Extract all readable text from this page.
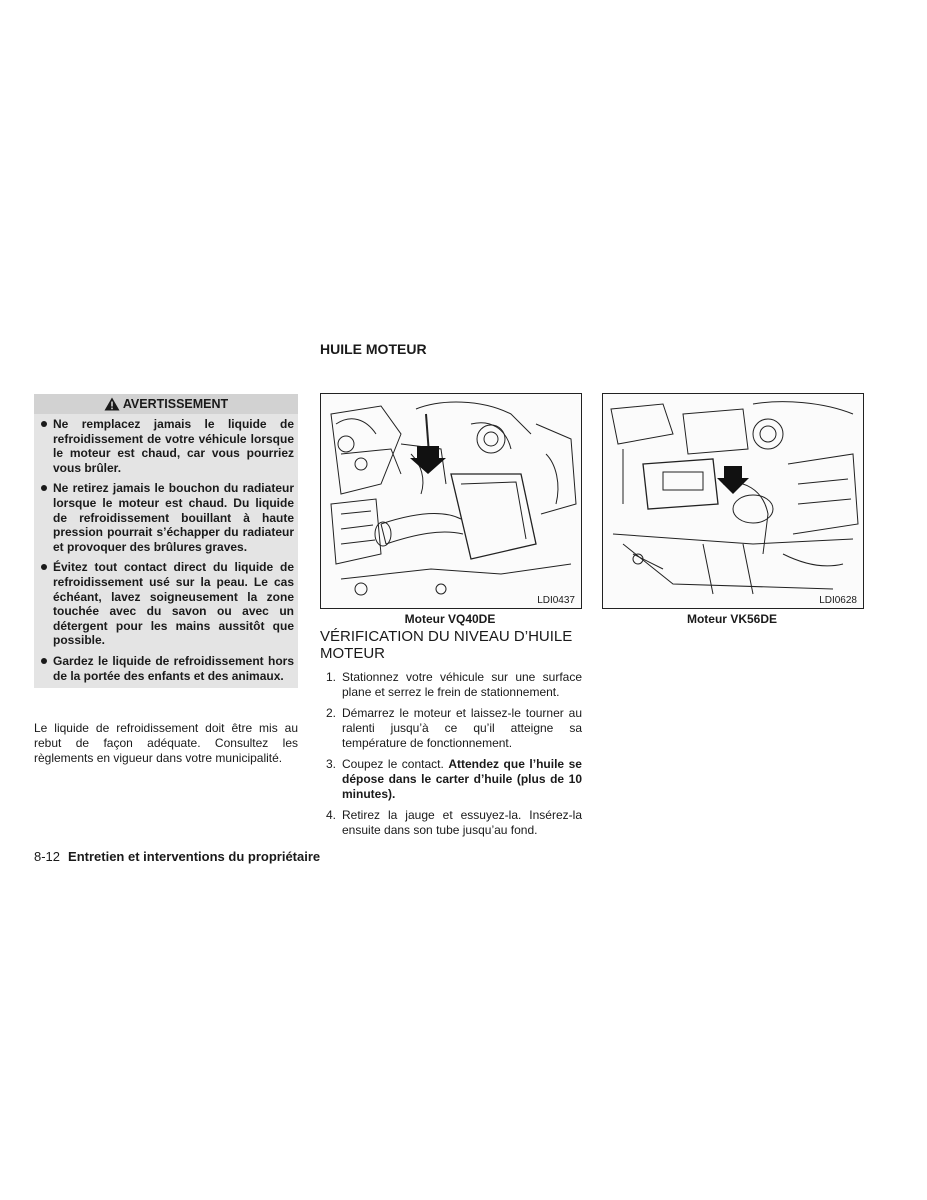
HUILE MOTEUR
AVERTISSEMENT
Ne remplacez jamais le liquide de refroidissement de votre véhicule lorsque le moteur est chaud, car vous pourriez vous brûler.
Ne retirez jamais le bouchon du radiateur lorsque le moteur est chaud. Du liquide de refroidissement bouillant à haute pression pourrait s’échapper du radiateur et provoquer des brûlures graves.
Évitez tout contact direct du liquide de refroidissement usé sur la peau. Le cas échéant, lavez soigneusement la zone touchée avec du savon ou avec un détergent pour les mains aussitôt que possible.
Gardez le liquide de refroidissement hors de la portée des enfants et des animaux.
Le liquide de refroidissement doit être mis au rebut de façon adéquate. Consultez les règlements en vigueur dans votre municipalité.
LDI0437
Moteur VQ40DE
LDI0628
Moteur VK56DE
VÉRIFICATION DU NIVEAU D’HUILE MOTEUR
1. Stationnez votre véhicule sur une surface plane et serrez le frein de stationnement.
2. Démarrez le moteur et laissez-le tourner au ralenti jusqu’à ce qu’il atteigne sa température de fonctionnement.
3. Coupez le contact. Attendez que l’huile se dépose dans le carter d’huile (plus de 10 minutes).
4. Retirez la jauge et essuyez-la. Insérez-la ensuite dans son tube jusqu’au fond.
8-12 Entretien et interventions du propriétaire
